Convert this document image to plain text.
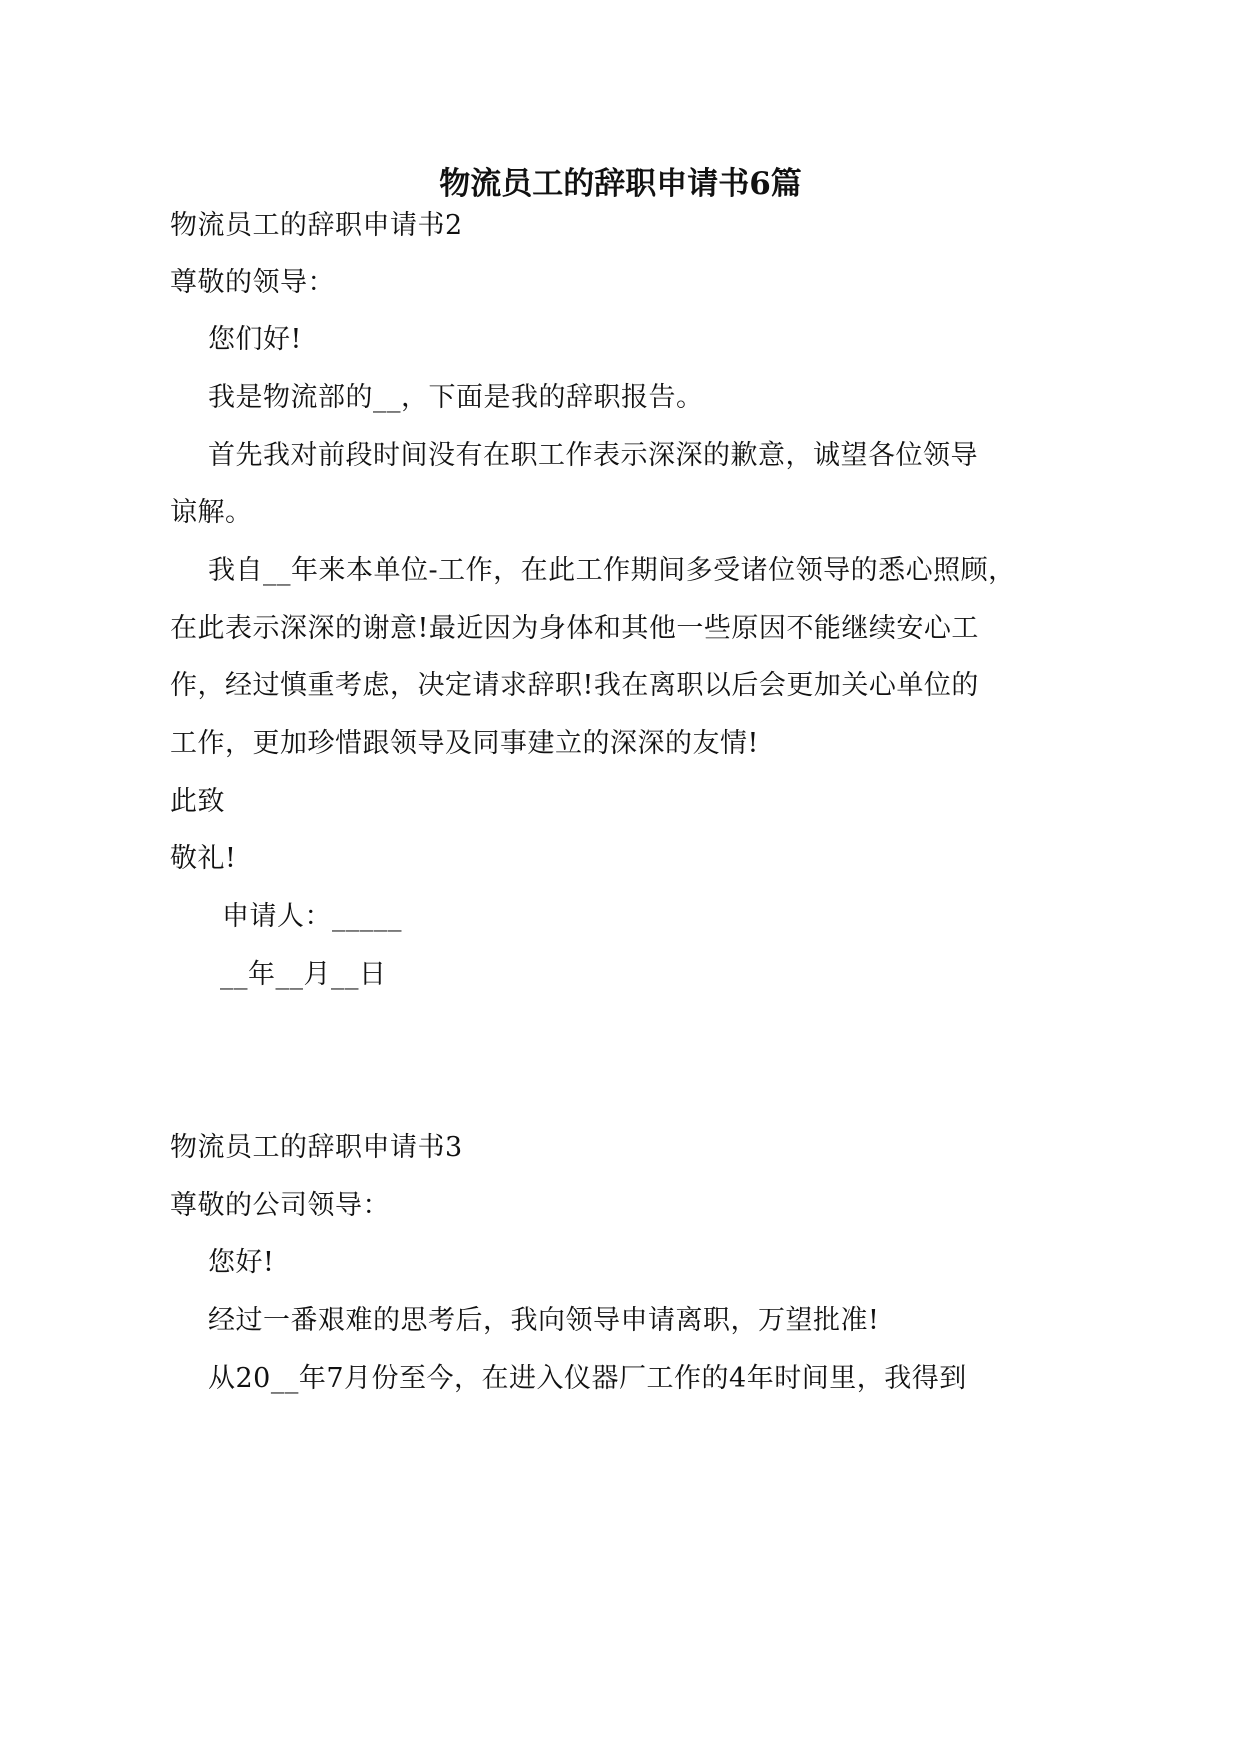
物流员工的辞职申请书6篇
物流员工的辞职申请书2
尊敬的领导：
您们好!
我是物流部的__，下面是我的辞职报告。
首先我对前段时间没有在职工作表示深深的歉意，诚望各位领导
谅解。
我自__年来本单位-工作，在此工作期间多受诸位领导的悉心照顾，
在此表示深深的谢意!最近因为身体和其他一些原因不能继续安心工
作，经过慎重考虑，决定请求辞职!我在离职以后会更加关心单位的
工作，更加珍惜跟领导及同事建立的深深的友情!
此致
敬礼!
申请人：_____
__年__月__日
物流员工的辞职申请书3
尊敬的公司领导：
您好!
经过一番艰难的思考后，我向领导申请离职，万望批准!
从20__年7月份至今，在进入仪器厂工作的4年时间里，我得到
